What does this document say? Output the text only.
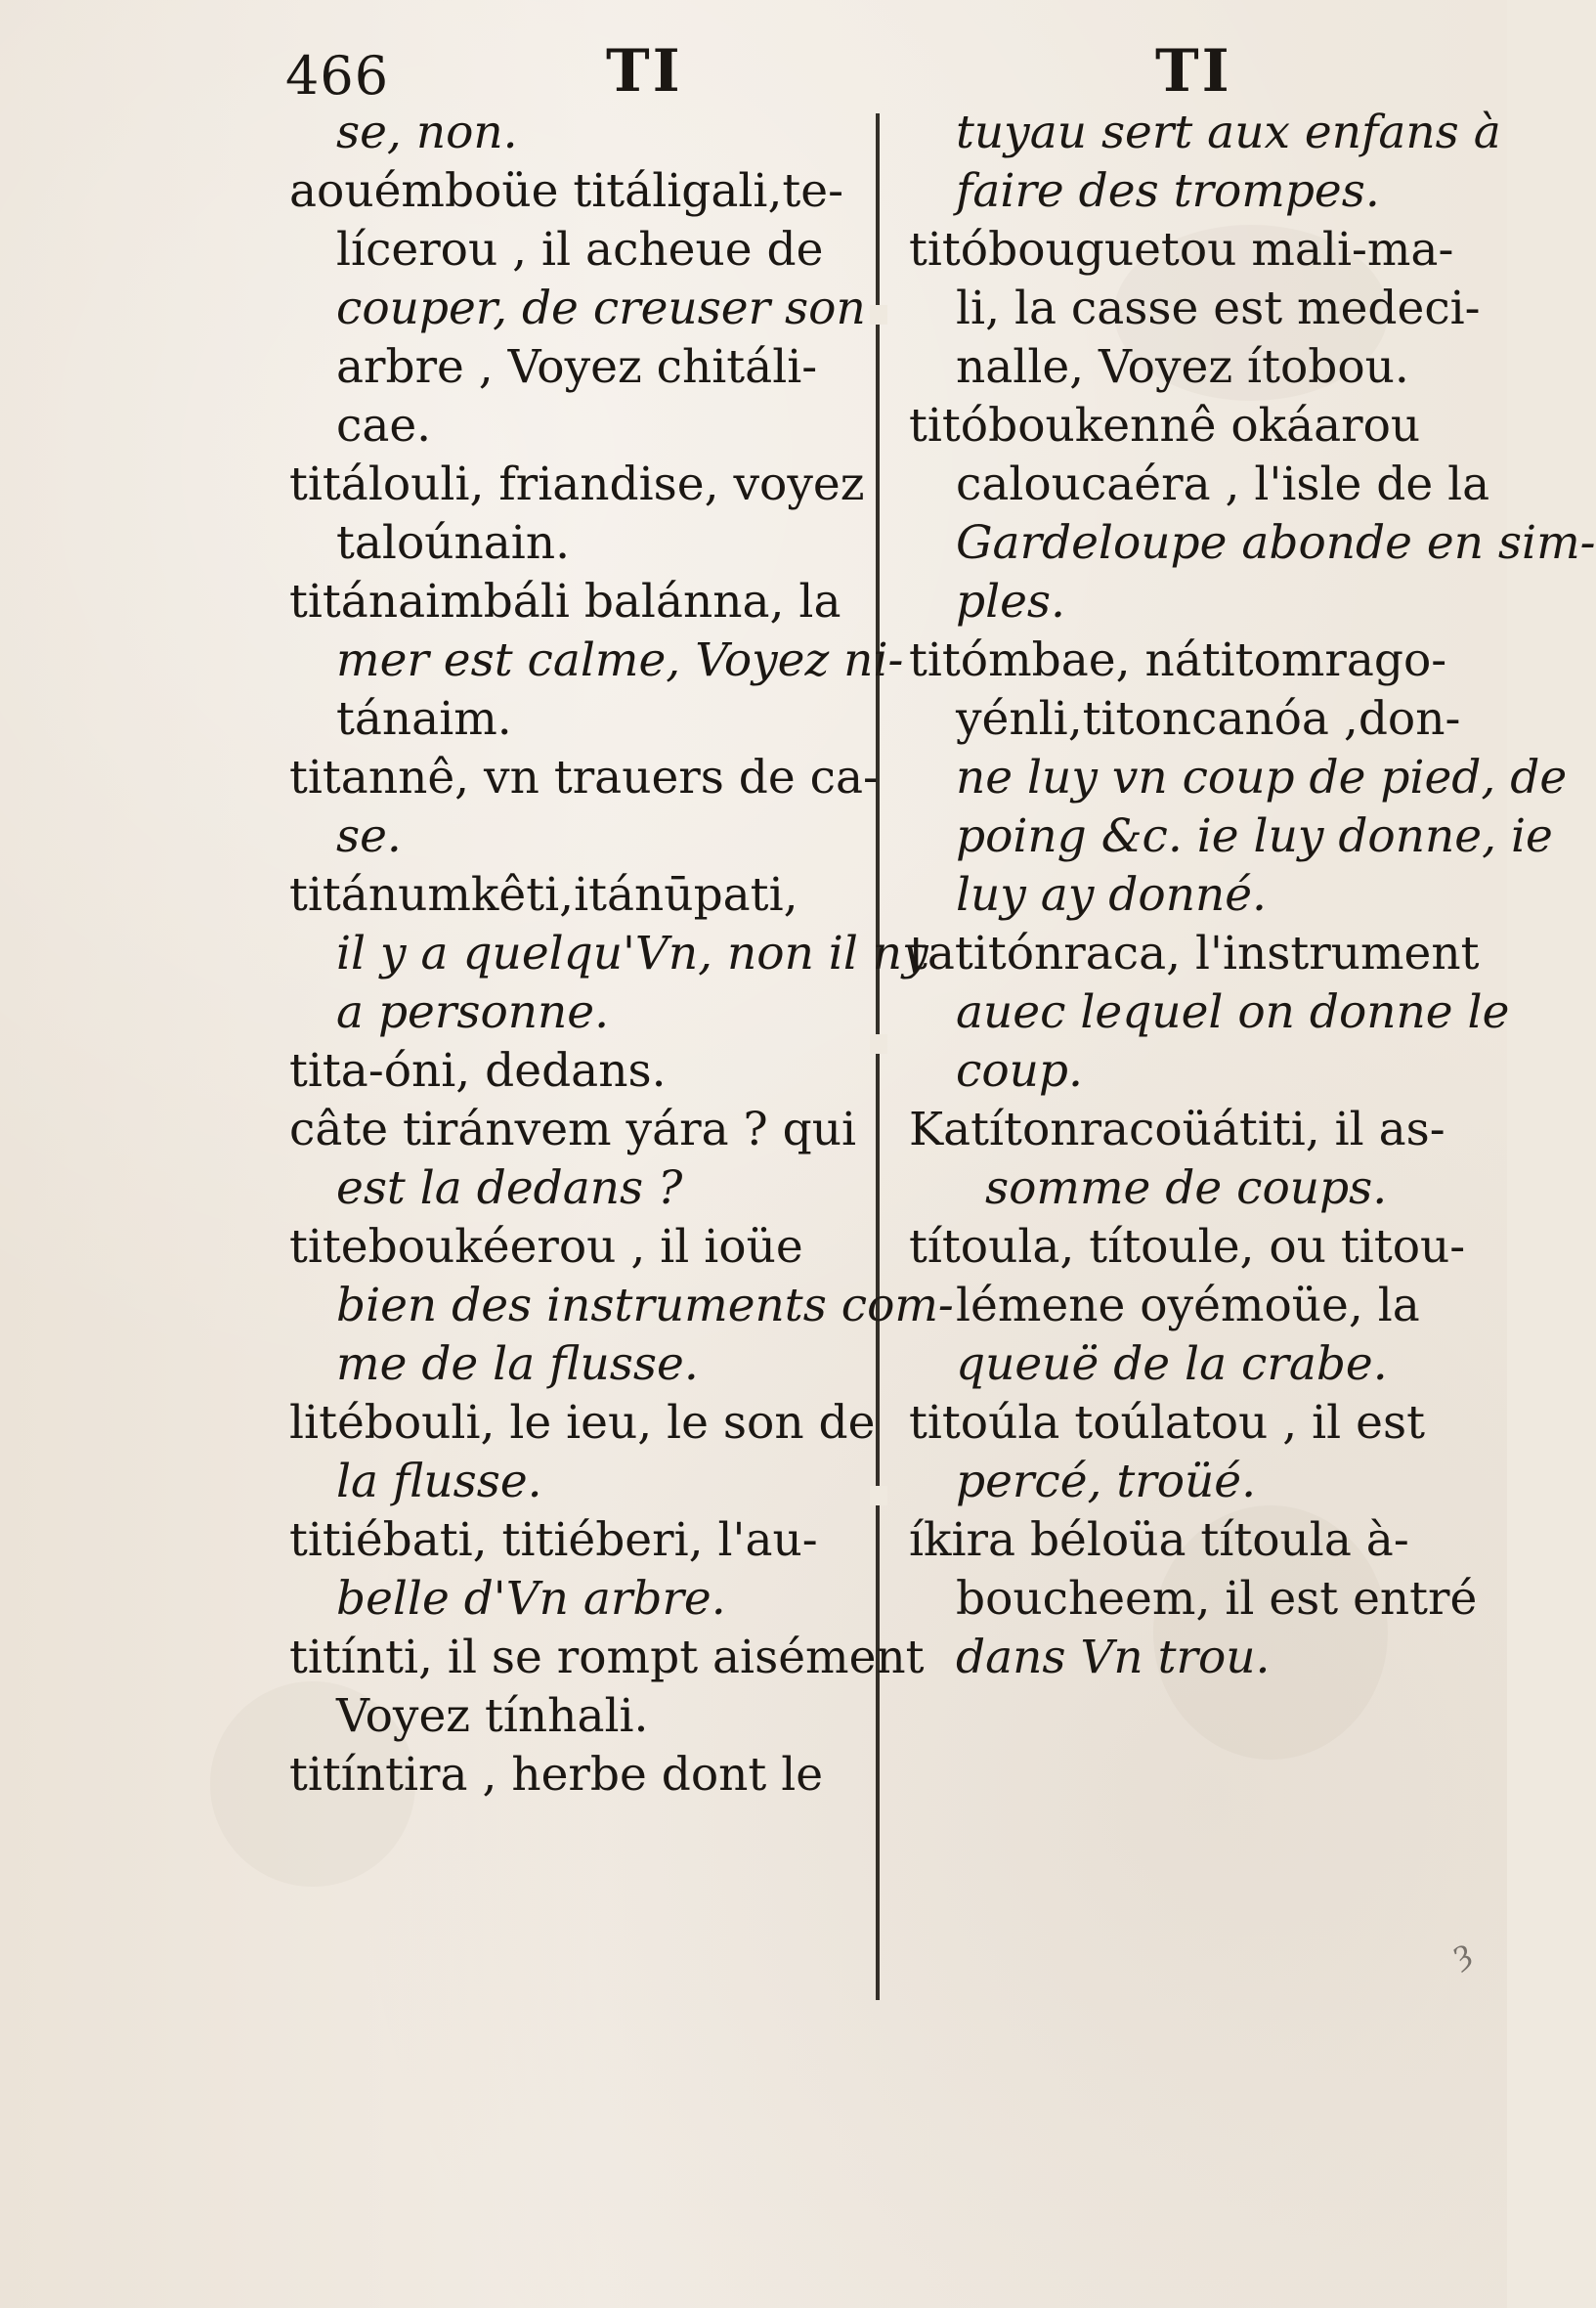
466	TI	TI
se, non.
aouémboüe titáligali,te-
lícerou , il acheue de
couper, de creuser son
arbre , Voyez chitáli-
cae.
titálouli, friandise, voyez
taloúnain.
titánaimbáli balánna, la
mer est calme, Voyez ni-
tánaim.
titannê, vn trauers de ca-
se.
titánumkêti,itánūpati,
il y a quelqu'Vn, non il ny
a personne.
tita-óni, dedans.
câte tiránvem yára ? qui
est la dedans ?
titeboukéerou , il ioüe
bien des instruments com-
me de la flusse.
litébouli, le ieu, le son de
la flusse.
titiébati, titiéberi, l'au-
belle d'Vn arbre.
titínti, il se rompt aisément
Voyez tínhali.
titíntira , herbe dont le
tuyau sert aux enfans à
faire des trompes.
titóbouguetou mali-ma-
li, la casse est medeci-
nalle, Voyez ítobou.
titóboukennê okáarou
caloucaéra , l'isle de la
Gardeloupe abonde en sim-
ples.
titómbae, nátitomrago-
yénli,titoncanóa ,don-
ne luy vn coup de pied, de
poing &c. ie luy donne, ie
luy ay donné.
tatitónraca, l'instrument
auec lequel on donne le
coup.
Katítonracoüátiti, il as-
somme de coups.
títoula, títoule, ou titou-
lémene oyémoüe, la
queuë de la crabe.
titoúla toúlatou , il est
percé, troüé.
íkira béloüa títoula à-
boucheem, il est entré
dans Vn trou.
Ȝ
